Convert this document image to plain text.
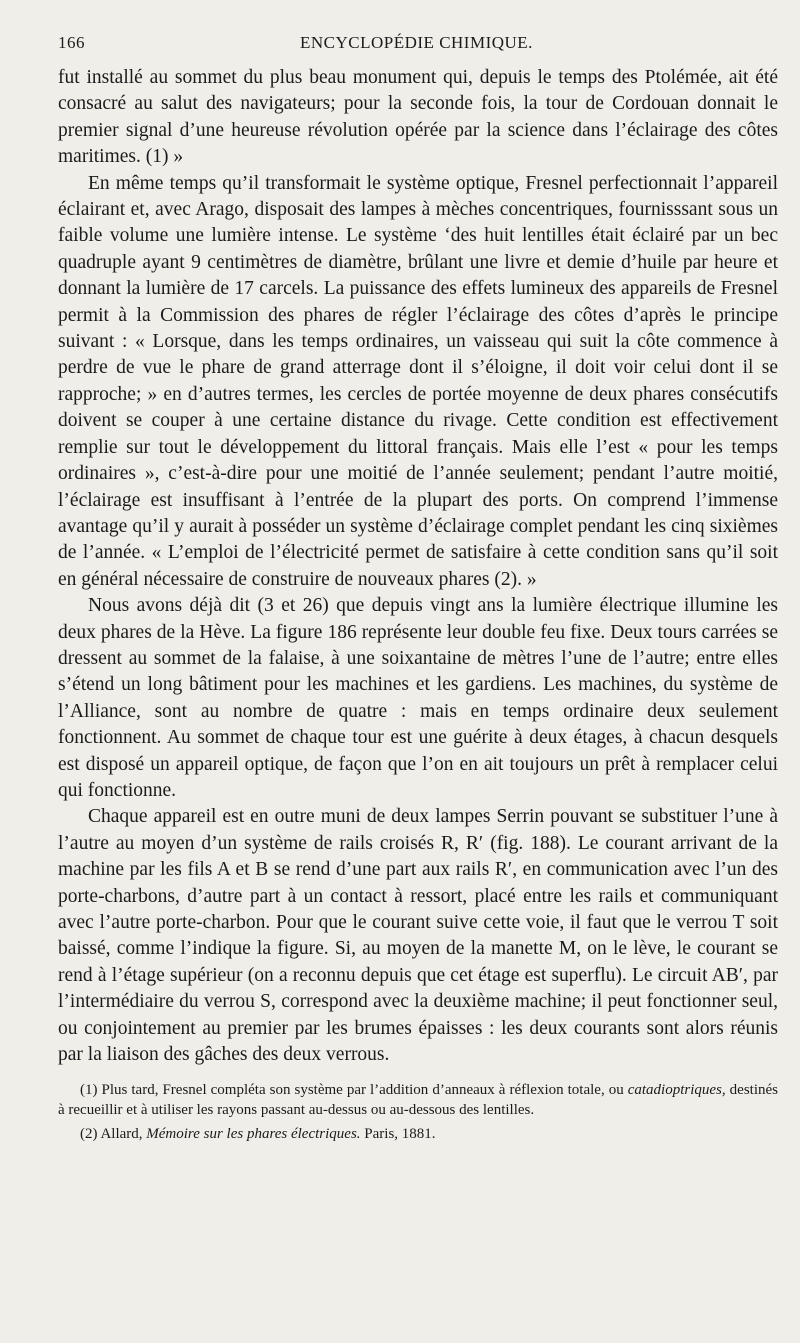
166	ENCYCLOPÉDIE CHIMIQUE.

fut installé au sommet du plus beau monument qui, depuis le temps des Ptolémée, ait été consacré au salut des navigateurs; pour la seconde fois, la tour de Cordouan donnait le premier signal d’une heureuse révolution opérée par la science dans l’éclairage des côtes maritimes. (1) »

En même temps qu’il transformait le système optique, Fresnel perfectionnait l’appareil éclairant et, avec Arago, disposait des lampes à mèches concentriques, fournisssant sous un faible volume une lumière intense. Le système ‘des huit lentilles était éclairé par un bec quadruple ayant 9 centimètres de diamètre, brûlant une livre et demie d’huile par heure et donnant la lumière de 17 carcels. La puissance des effets lumineux des appareils de Fresnel permit à la Commission des phares de régler l’éclairage des côtes d’après le principe suivant : « Lorsque, dans les temps ordinaires, un vaisseau qui suit la côte commence à perdre de vue le phare de grand atterrage dont il s’éloigne, il doit voir celui dont il se rapproche; » en d’autres termes, les cercles de portée moyenne de deux phares consécutifs doivent se couper à une certaine distance du rivage. Cette condition est effectivement remplie sur tout le développement du littoral français. Mais elle l’est « pour les temps ordinaires », c’est-à-dire pour une moitié de l’année seulement; pendant l’autre moitié, l’éclairage est insuffisant à l’entrée de la plupart des ports. On comprend l’immense avantage qu’il y aurait à posséder un système d’éclairage complet pendant les cinq sixièmes de l’année. « L’emploi de l’électricité permet de satisfaire à cette condition sans qu’il soit en général nécessaire de construire de nouveaux phares (2). »

Nous avons déjà dit (3 et 26) que depuis vingt ans la lumière électrique illumine les deux phares de la Hève. La figure 186 représente leur double feu fixe. Deux tours carrées se dressent au sommet de la falaise, à une soixantaine de mètres l’une de l’autre; entre elles s’étend un long bâtiment pour les machines et les gardiens. Les machines, du système de l’Alliance, sont au nombre de quatre : mais en temps ordinaire deux seulement fonctionnent. Au sommet de chaque tour est une guérite à deux étages, à chacun desquels est disposé un appareil optique, de façon que l’on en ait toujours un prêt à remplacer celui qui fonctionne.

Chaque appareil est en outre muni de deux lampes Serrin pouvant se substituer l’une à l’autre au moyen d’un système de rails croisés R, R′ (fig. 188). Le courant arrivant de la machine par les fils A et B se rend d’une part aux rails R′, en communication avec l’un des porte-charbons, d’autre part à un contact à ressort, placé entre les rails et communiquant avec l’autre porte-charbon. Pour que le courant suive cette voie, il faut que le verrou T soit baissé, comme l’indique la figure. Si, au moyen de la manette M, on le lève, le courant se rend à l’étage supérieur (on a reconnu depuis que cet étage est superflu). Le circuit AB′, par l’intermédiaire du verrou S, correspond avec la deuxième machine; il peut fonctionner seul, ou conjointement au premier par les brumes épaisses : les deux courants sont alors réunis par la liaison des gâches des deux verrous.

(1) Plus tard, Fresnel compléta son système par l’addition d’anneaux à réflexion totale, ou catadioptriques, destinés à recueillir et à utiliser les rayons passant au-dessus ou au-dessous des lentilles.

(2) Allard, Mémoire sur les phares électriques. Paris, 1881.
